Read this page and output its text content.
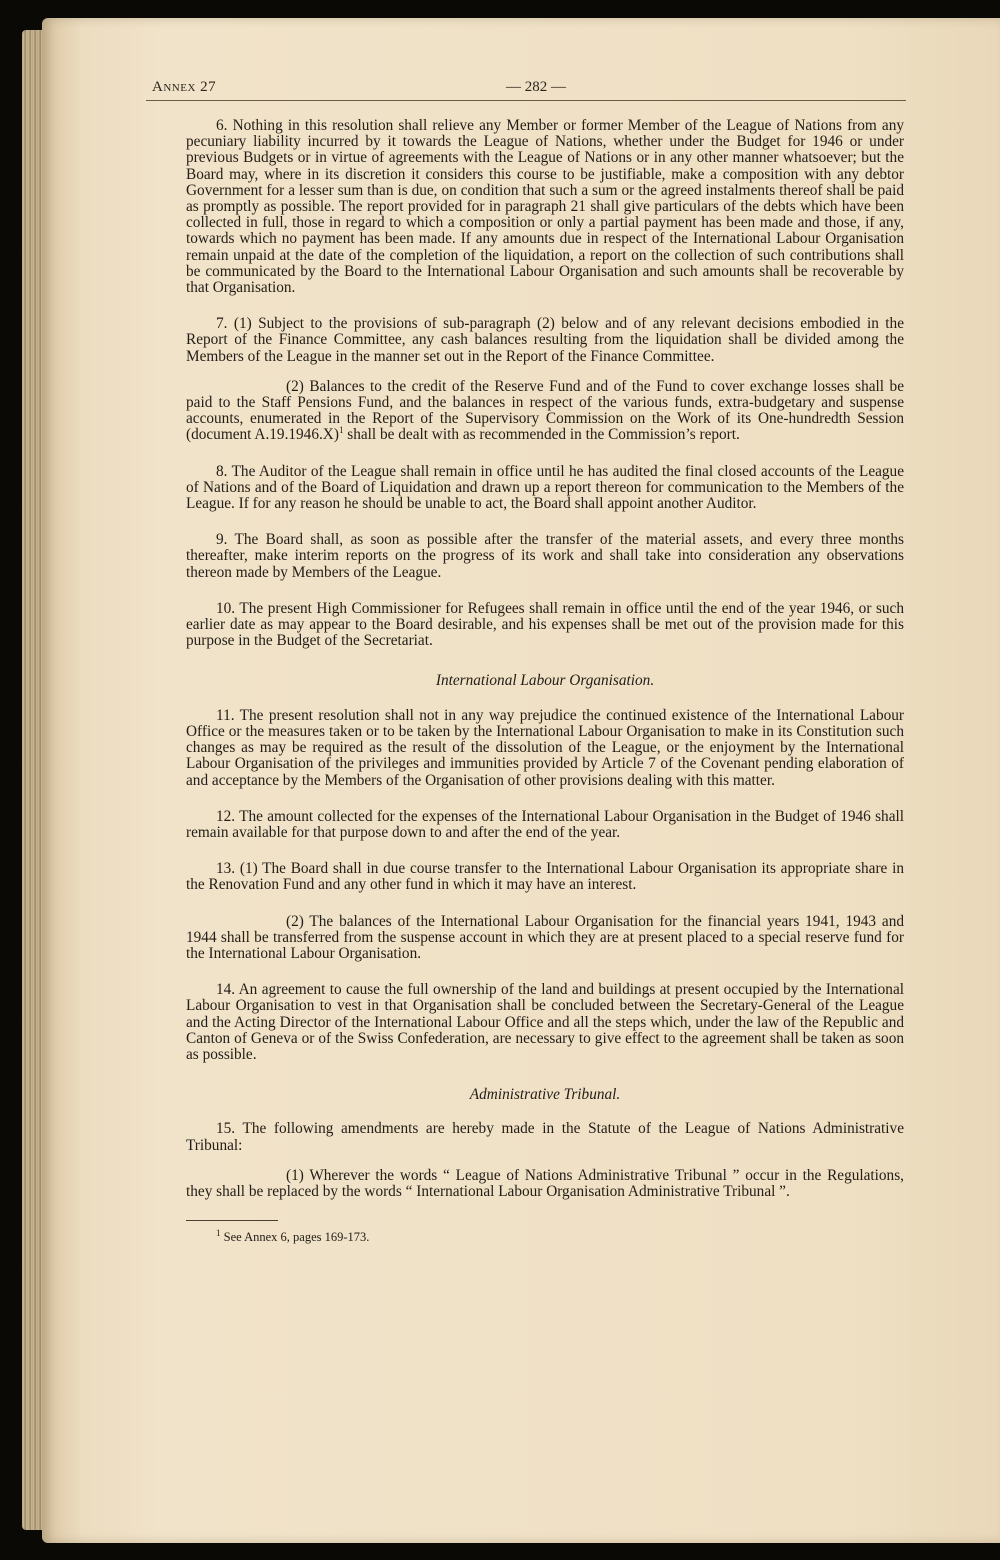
Annex 27	— 282 —

6. Nothing in this resolution shall relieve any Member or former Member of the League of Nations from any pecuniary liability incurred by it towards the League of Nations, whether under the Budget for 1946 or under previous Budgets or in virtue of agreements with the League of Nations or in any other manner whatsoever; but the Board may, where in its discretion it considers this course to be justifiable, make a composition with any debtor Government for a lesser sum than is due, on condition that such a sum or the agreed instalments thereof shall be paid as promptly as possible. The report provided for in paragraph 21 shall give particulars of the debts which have been collected in full, those in regard to which a composition or only a partial payment has been made and those, if any, towards which no payment has been made. If any amounts due in respect of the International Labour Organisation remain unpaid at the date of the completion of the liquidation, a report on the collection of such contributions shall be communicated by the Board to the International Labour Organisation and such amounts shall be recoverable by that Organisation.

7. (1) Subject to the provisions of sub-paragraph (2) below and of any relevant decisions embodied in the Report of the Finance Committee, any cash balances resulting from the liquidation shall be divided among the Members of the League in the manner set out in the Report of the Finance Committee.

(2) Balances to the credit of the Reserve Fund and of the Fund to cover exchange losses shall be paid to the Staff Pensions Fund, and the balances in respect of the various funds, extra-budgetary and suspense accounts, enumerated in the Report of the Supervisory Commission on the Work of its One-hundredth Session (document A.19.1946.X)$^1$ shall be dealt with as recommended in the Commission’s report.

8. The Auditor of the League shall remain in office until he has audited the final closed accounts of the League of Nations and of the Board of Liquidation and drawn up a report thereon for communication to the Members of the League. If for any reason he should be unable to act, the Board shall appoint another Auditor.

9. The Board shall, as soon as possible after the transfer of the material assets, and every three months thereafter, make interim reports on the progress of its work and shall take into consideration any observations thereon made by Members of the League.

10. The present High Commissioner for Refugees shall remain in office until the end of the year 1946, or such earlier date as may appear to the Board desirable, and his expenses shall be met out of the provision made for this purpose in the Budget of the Secretariat.

International Labour Organisation.

11. The present resolution shall not in any way prejudice the continued existence of the International Labour Office or the measures taken or to be taken by the International Labour Organisation to make in its Constitution such changes as may be required as the result of the dissolution of the League, or the enjoyment by the International Labour Organisation of the privileges and immunities provided by Article 7 of the Covenant pending elaboration of and acceptance by the Members of the Organisation of other provisions dealing with this matter.

12. The amount collected for the expenses of the International Labour Organisation in the Budget of 1946 shall remain available for that purpose down to and after the end of the year.

13. (1) The Board shall in due course transfer to the International Labour Organisation its appropriate share in the Renovation Fund and any other fund in which it may have an interest.

(2) The balances of the International Labour Organisation for the financial years 1941, 1943 and 1944 shall be transferred from the suspense account in which they are at present placed to a special reserve fund for the International Labour Organisation.

14. An agreement to cause the full ownership of the land and buildings at present occupied by the International Labour Organisation to vest in that Organisation shall be concluded between the Secretary-General of the League and the Acting Director of the International Labour Office and all the steps which, under the law of the Republic and Canton of Geneva or of the Swiss Confederation, are necessary to give effect to the agreement shall be taken as soon as possible.

Administrative Tribunal.

15. The following amendments are hereby made in the Statute of the League of Nations Administrative Tribunal:

(1) Wherever the words “ League of Nations Administrative Tribunal ” occur in the Regulations, they shall be replaced by the words “ International Labour Organisation Administrative Tribunal ”.

$^1$ See Annex 6, pages 169-173.
